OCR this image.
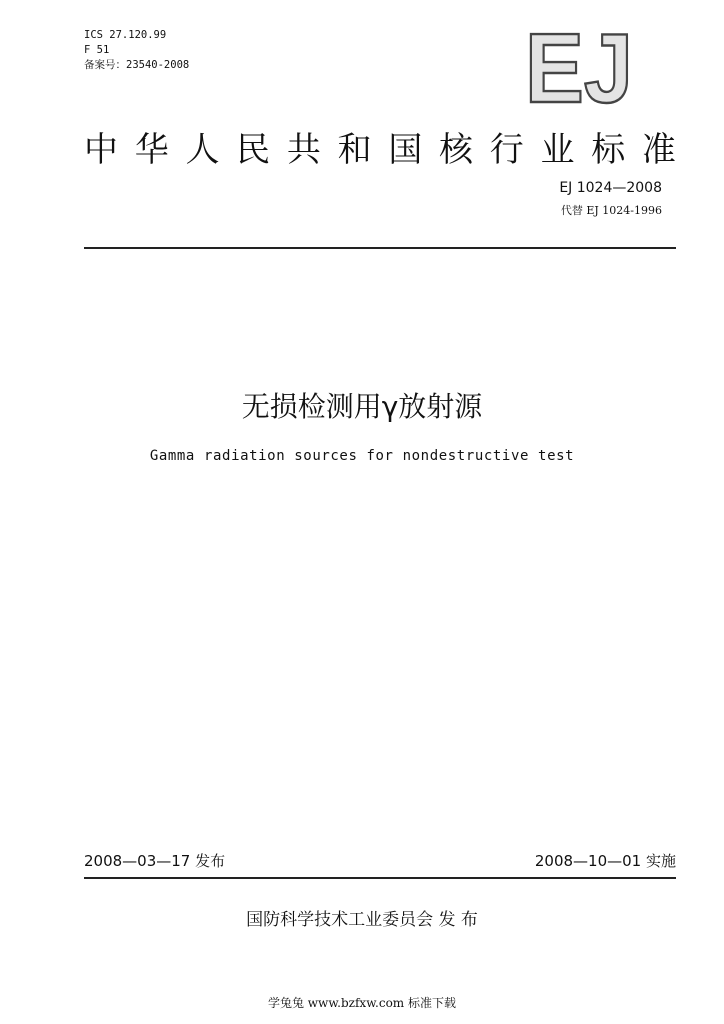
ICS 27.120.99
F 51
备案号：23540-2008	EJ
中 华 人 民 共 和 国 核 行 业 标 准
EJ 1024—2008
代替 EJ 1024-1996
无损检测用γ放射源
Gamma radiation sources for nondestructive test
2008—03—17 发布	2008—10—01 实施
国防科学技术工业委员会 发 布
学兔兔 www.bzfxw.com 标准下载
